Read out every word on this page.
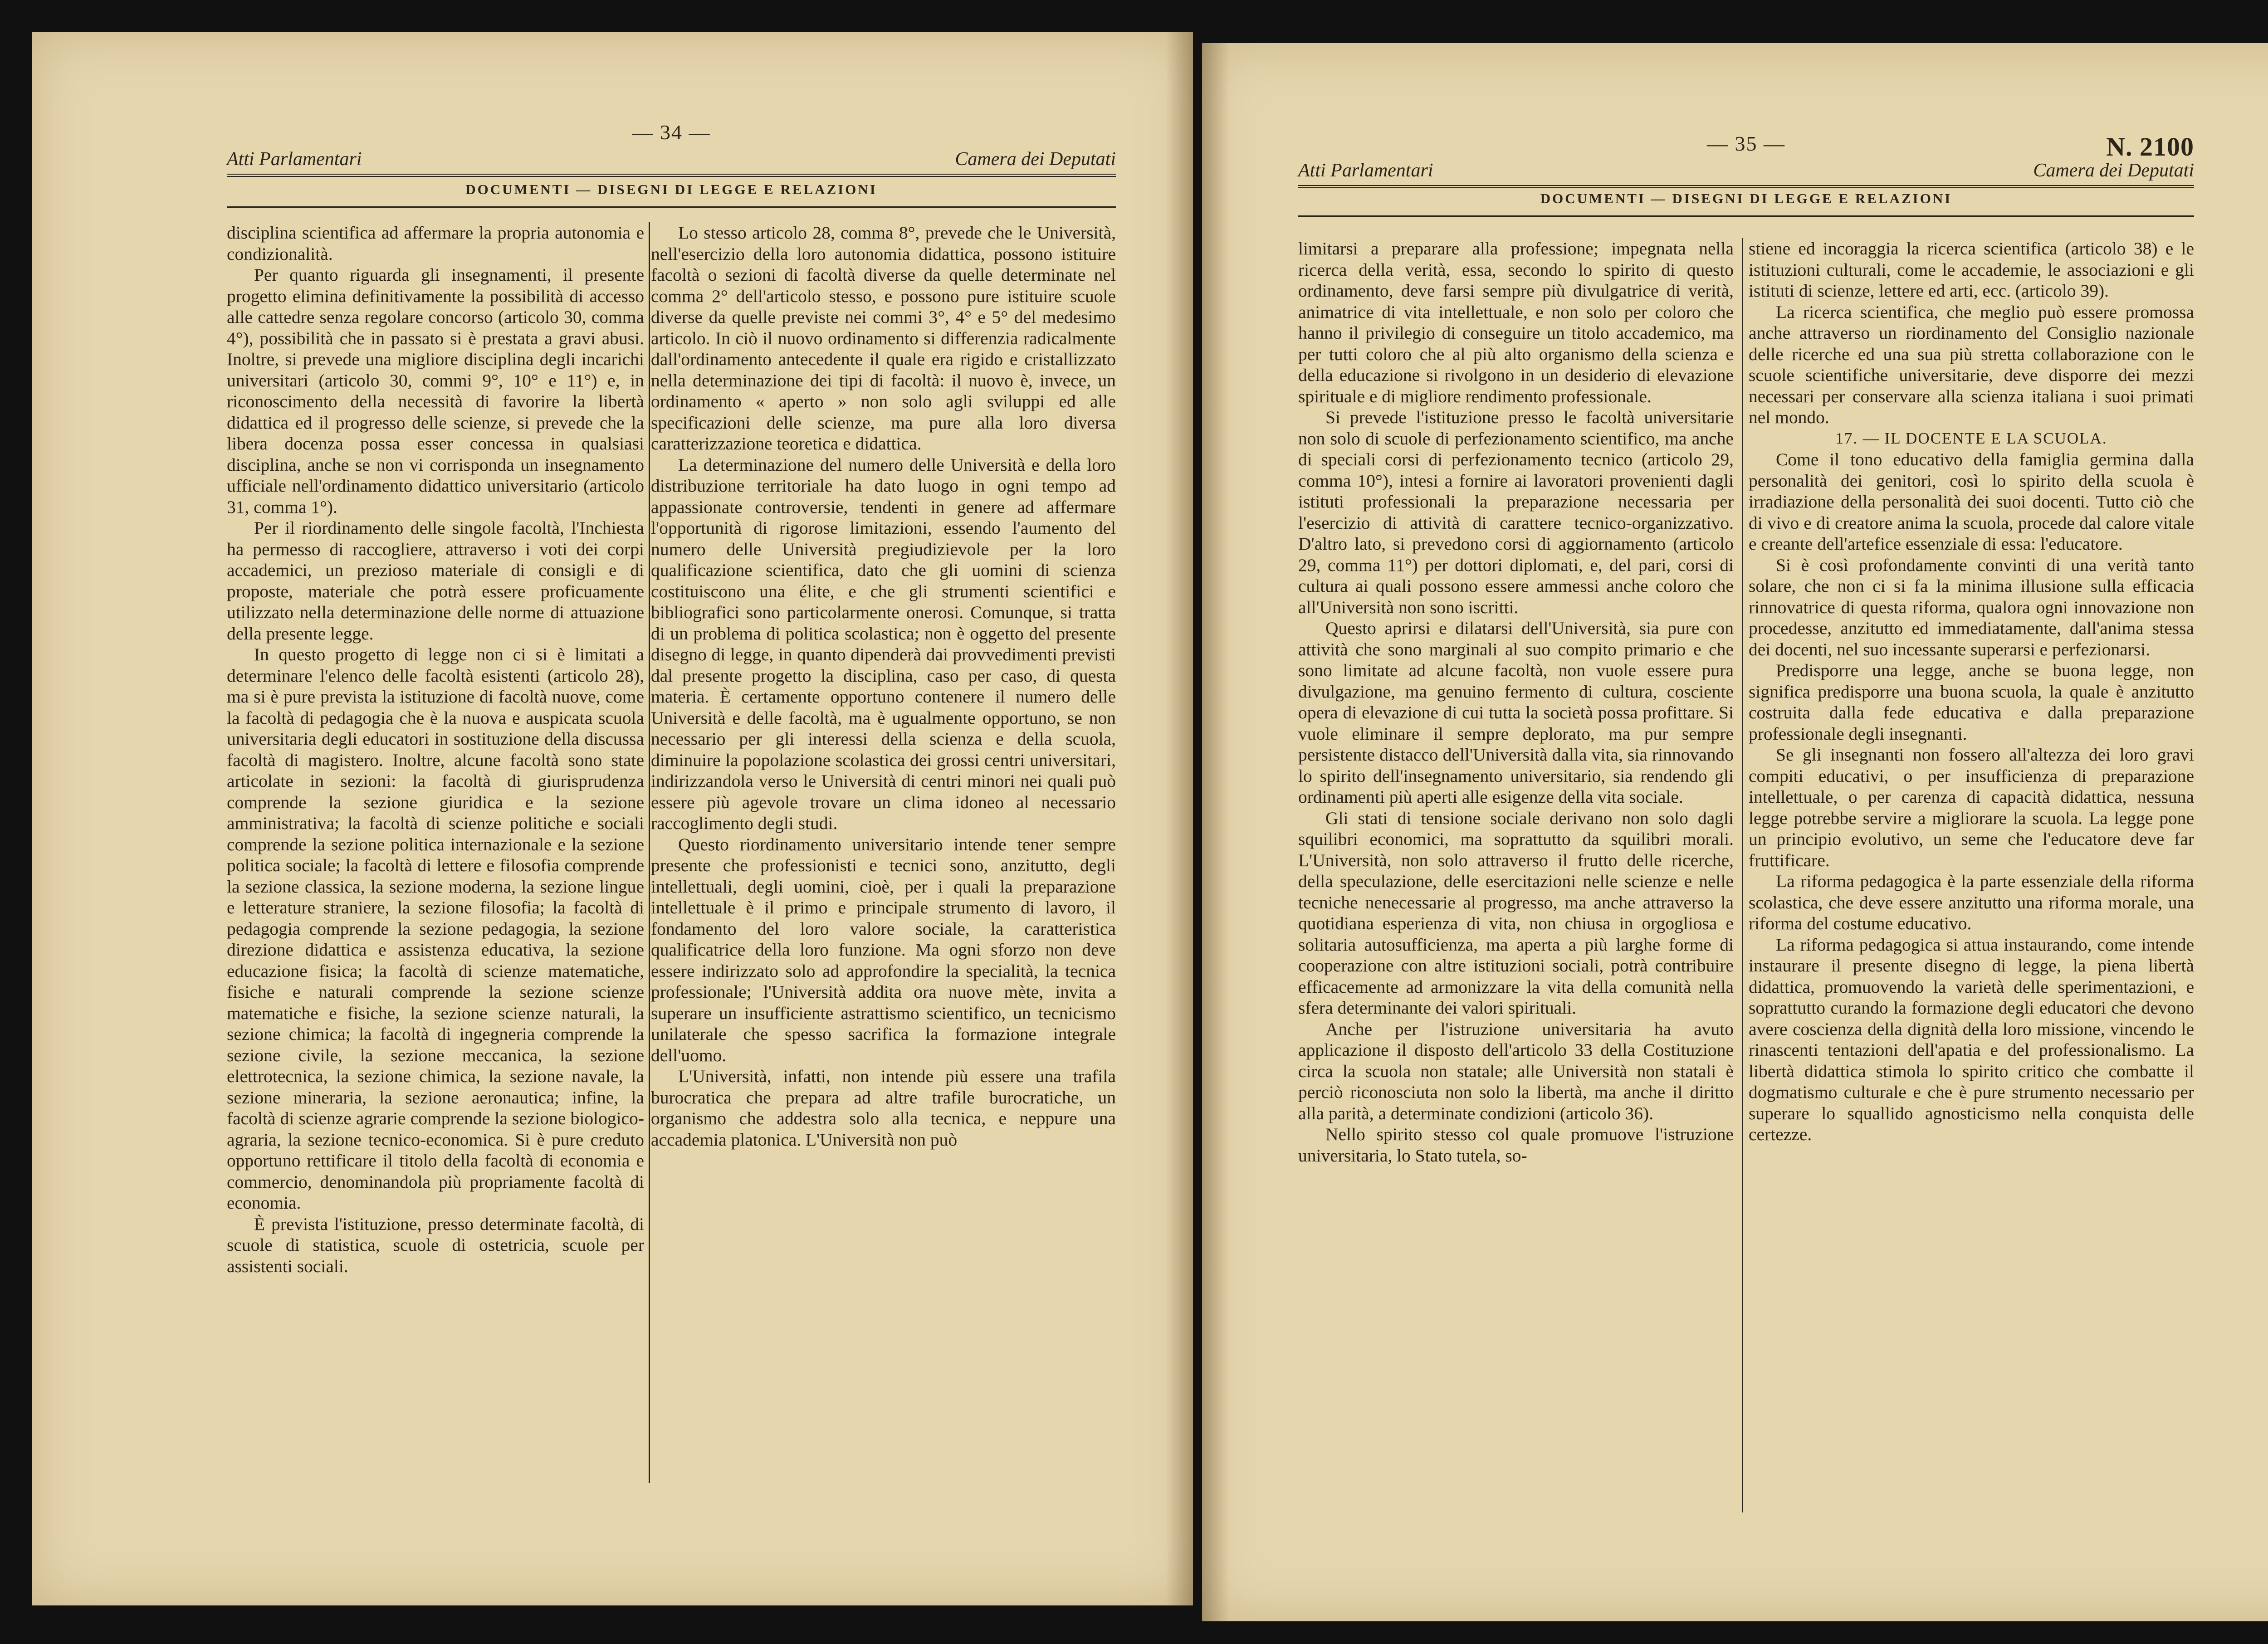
Atti Parlamentari
— 34 —
Camera dei Deputati
DOCUMENTI — DISEGNI DI LEGGE E RELAZIONI

disciplina scientifica ad affermare la propria autonomia e condizionalità.

Per quanto riguarda gli insegnamenti, il presente progetto elimina definitivamente la possibilità di accesso alle cattedre senza regolare concorso (articolo 30, comma 4°), possibilità che in passato si è prestata a gravi abusi. Inoltre, si prevede una migliore disciplina degli incarichi universitari (articolo 30, commi 9°, 10° e 11°) e, in riconoscimento della necessità di favorire la libertà didattica ed il progresso delle scienze, si prevede che la libera docenza possa esser concessa in qualsiasi disciplina, anche se non vi corrisponda un insegnamento ufficiale nell'ordinamento didattico universitario (articolo 31, comma 1°).

Per il riordinamento delle singole facoltà, l'Inchiesta ha permesso di raccogliere, attraverso i voti dei corpi accademici, un prezioso materiale di consigli e di proposte, materiale che potrà essere proficuamente utilizzato nella determinazione delle norme di attuazione della presente legge.

In questo progetto di legge non ci si è limitati a determinare l'elenco delle facoltà esistenti (articolo 28), ma si è pure prevista la istituzione di facoltà nuove, come la facoltà di pedagogia che è la nuova e auspicata scuola universitaria degli educatori in sostituzione della discussa facoltà di magistero. Inoltre, alcune facoltà sono state articolate in sezioni: la facoltà di giurisprudenza comprende la sezione giuridica e la sezione amministrativa; la facoltà di scienze politiche e sociali comprende la sezione politica internazionale e la sezione politica sociale; la facoltà di lettere e filosofia comprende la sezione classica, la sezione moderna, la sezione lingue e letterature straniere, la sezione filosofia; la facoltà di pedagogia comprende la sezione pedagogia, la sezione direzione didattica e assistenza educativa, la sezione educazione fisica; la facoltà di scienze matematiche, fisiche e naturali comprende la sezione scienze matematiche e fisiche, la sezione scienze naturali, la sezione chimica; la facoltà di ingegneria comprende la sezione civile, la sezione meccanica, la sezione elettrotecnica, la sezione chimica, la sezione navale, la sezione mineraria, la sezione aeronautica; infine, la facoltà di scienze agrarie comprende la sezione biologico-agraria, la sezione tecnico-economica. Si è pure creduto opportuno rettificare il titolo della facoltà di economia e commercio, denominandola più propriamente facoltà di economia.

È prevista l'istituzione, presso determinate facoltà, di scuole di statistica, scuole di ostetricia, scuole per assistenti sociali.

Lo stesso articolo 28, comma 8°, prevede che le Università, nell'esercizio della loro autonomia didattica, possono istituire facoltà o sezioni di facoltà diverse da quelle determinate nel comma 2° dell'articolo stesso, e possono pure istituire scuole diverse da quelle previste nei commi 3°, 4° e 5° del medesimo articolo. In ciò il nuovo ordinamento si differenzia radicalmente dall'ordinamento antecedente il quale era rigido e cristallizzato nella determinazione dei tipi di facoltà: il nuovo è, invece, un ordinamento « aperto » non solo agli sviluppi ed alle specificazioni delle scienze, ma pure alla loro diversa caratterizzazione teoretica e didattica.

La determinazione del numero delle Università e della loro distribuzione territoriale ha dato luogo in ogni tempo ad appassionate controversie, tendenti in genere ad affermare l'opportunità di rigorose limitazioni, essendo l'aumento del numero delle Università pregiudizievole per la loro qualificazione scientifica, dato che gli uomini di scienza costituiscono una élite, e che gli strumenti scientifici e bibliografici sono particolarmente onerosi. Comunque, si tratta di un problema di politica scolastica; non è oggetto del presente disegno di legge, in quanto dipenderà dai provvedimenti previsti dal presente progetto la disciplina, caso per caso, di questa materia. È certamente opportuno contenere il numero delle Università e delle facoltà, ma è ugualmente opportuno, se non necessario per gli interessi della scienza e della scuola, diminuire la popolazione scolastica dei grossi centri universitari, indirizzandola verso le Università di centri minori nei quali può essere più agevole trovare un clima idoneo al necessario raccoglimento degli studi.

Questo riordinamento universitario intende tener sempre presente che professionisti e tecnici sono, anzitutto, degli intellettuali, degli uomini, cioè, per i quali la preparazione intellettuale è il primo e principale strumento di lavoro, il fondamento del loro valore sociale, la caratteristica qualificatrice della loro funzione. Ma ogni sforzo non deve essere indirizzato solo ad approfondire la specialità, la tecnica professionale; l'Università addita ora nuove mète, invita a superare un insufficiente astrattismo scientifico, un tecnicismo unilaterale che spesso sacrifica la formazione integrale dell'uomo.

L'Università, infatti, non intende più essere una trafila burocratica che prepara ad altre trafile burocratiche, un organismo che addestra solo alla tecnica, e neppure una accademia platonica. L'Università non può

Atti Parlamentari
— 35 —	N. 2100
Camera dei Deputati
DOCUMENTI — DISEGNI DI LEGGE E RELAZIONI

limitarsi a preparare alla professione; impegnata nella ricerca della verità, essa, secondo lo spirito di questo ordinamento, deve farsi sempre più divulgatrice di verità, animatrice di vita intellettuale, e non solo per coloro che hanno il privilegio di conseguire un titolo accademico, ma per tutti coloro che al più alto organismo della scienza e della educazione si rivolgono in un desiderio di elevazione spirituale e di migliore rendimento professionale.

Si prevede l'istituzione presso le facoltà universitarie non solo di scuole di perfezionamento scientifico, ma anche di speciali corsi di perfezionamento tecnico (articolo 29, comma 10°), intesi a fornire ai lavoratori provenienti dagli istituti professionali la preparazione necessaria per l'esercizio di attività di carattere tecnico-organizzativo. D'altro lato, si prevedono corsi di aggiornamento (articolo 29, comma 11°) per dottori diplomati, e, del pari, corsi di cultura ai quali possono essere ammessi anche coloro che all'Università non sono iscritti.

Questo aprirsi e dilatarsi dell'Università, sia pure con attività che sono marginali al suo compito primario e che sono limitate ad alcune facoltà, non vuole essere pura divulgazione, ma genuino fermento di cultura, cosciente opera di elevazione di cui tutta la società possa profittare. Si vuole eliminare il sempre deplorato, ma pur sempre persistente distacco dell'Università dalla vita, sia rinnovando lo spirito dell'insegnamento universitario, sia rendendo gli ordinamenti più aperti alle esigenze della vita sociale.

Gli stati di tensione sociale derivano non solo dagli squilibri economici, ma soprattutto da squilibri morali. L'Università, non solo attraverso il frutto delle ricerche, della speculazione, delle esercitazioni nelle scienze e nelle tecniche nenecessarie al progresso, ma anche attraverso la quotidiana esperienza di vita, non chiusa in orgogliosa e solitaria autosufficienza, ma aperta a più larghe forme di cooperazione con altre istituzioni sociali, potrà contribuire efficacemente ad armonizzare la vita della comunità nella sfera determinante dei valori spirituali.

Anche per l'istruzione universitaria ha avuto applicazione il disposto dell'articolo 33 della Costituzione circa la scuola non statale; alle Università non statali è perciò riconosciuta non solo la libertà, ma anche il diritto alla parità, a determinate condizioni (articolo 36).

Nello spirito stesso col quale promuove l'istruzione universitaria, lo Stato tutela, so-

stiene ed incoraggia la ricerca scientifica (articolo 38) e le istituzioni culturali, come le accademie, le associazioni e gli istituti di scienze, lettere ed arti, ecc. (articolo 39).

La ricerca scientifica, che meglio può essere promossa anche attraverso un riordinamento del Consiglio nazionale delle ricerche ed una sua più stretta collaborazione con le scuole scientifiche universitarie, deve disporre dei mezzi necessari per conservare alla scienza italiana i suoi primati nel mondo.

17. — IL DOCENTE E LA SCUOLA.

Come il tono educativo della famiglia germina dalla personalità dei genitori, così lo spirito della scuola è irradiazione della personalità dei suoi docenti. Tutto ciò che di vivo e di creatore anima la scuola, procede dal calore vitale e creante dell'artefice essenziale di essa: l'educatore.

Si è così profondamente convinti di una verità tanto solare, che non ci si fa la minima illusione sulla efficacia rinnovatrice di questa riforma, qualora ogni innovazione non procedesse, anzitutto ed immediatamente, dall'anima stessa dei docenti, nel suo incessante superarsi e perfezionarsi.

Predisporre una legge, anche se buona legge, non significa predisporre una buona scuola, la quale è anzitutto costruita dalla fede educativa e dalla preparazione professionale degli insegnanti.

Se gli insegnanti non fossero all'altezza dei loro gravi compiti educativi, o per insufficienza di preparazione intellettuale, o per carenza di capacità didattica, nessuna legge potrebbe servire a migliorare la scuola. La legge pone un principio evolutivo, un seme che l'educatore deve far fruttificare.

La riforma pedagogica è la parte essenziale della riforma scolastica, che deve essere anzitutto una riforma morale, una riforma del costume educativo.

La riforma pedagogica si attua instaurando, come intende instaurare il presente disegno di legge, la piena libertà didattica, promuovendo la varietà delle sperimentazioni, e soprattutto curando la formazione degli educatori che devono avere coscienza della dignità della loro missione, vincendo le rinascenti tentazioni dell'apatia e del professionalismo. La libertà didattica stimola lo spirito critico che combatte il dogmatismo culturale e che è pure strumento necessario per superare lo squallido agnosticismo nella conquista delle certezze.
